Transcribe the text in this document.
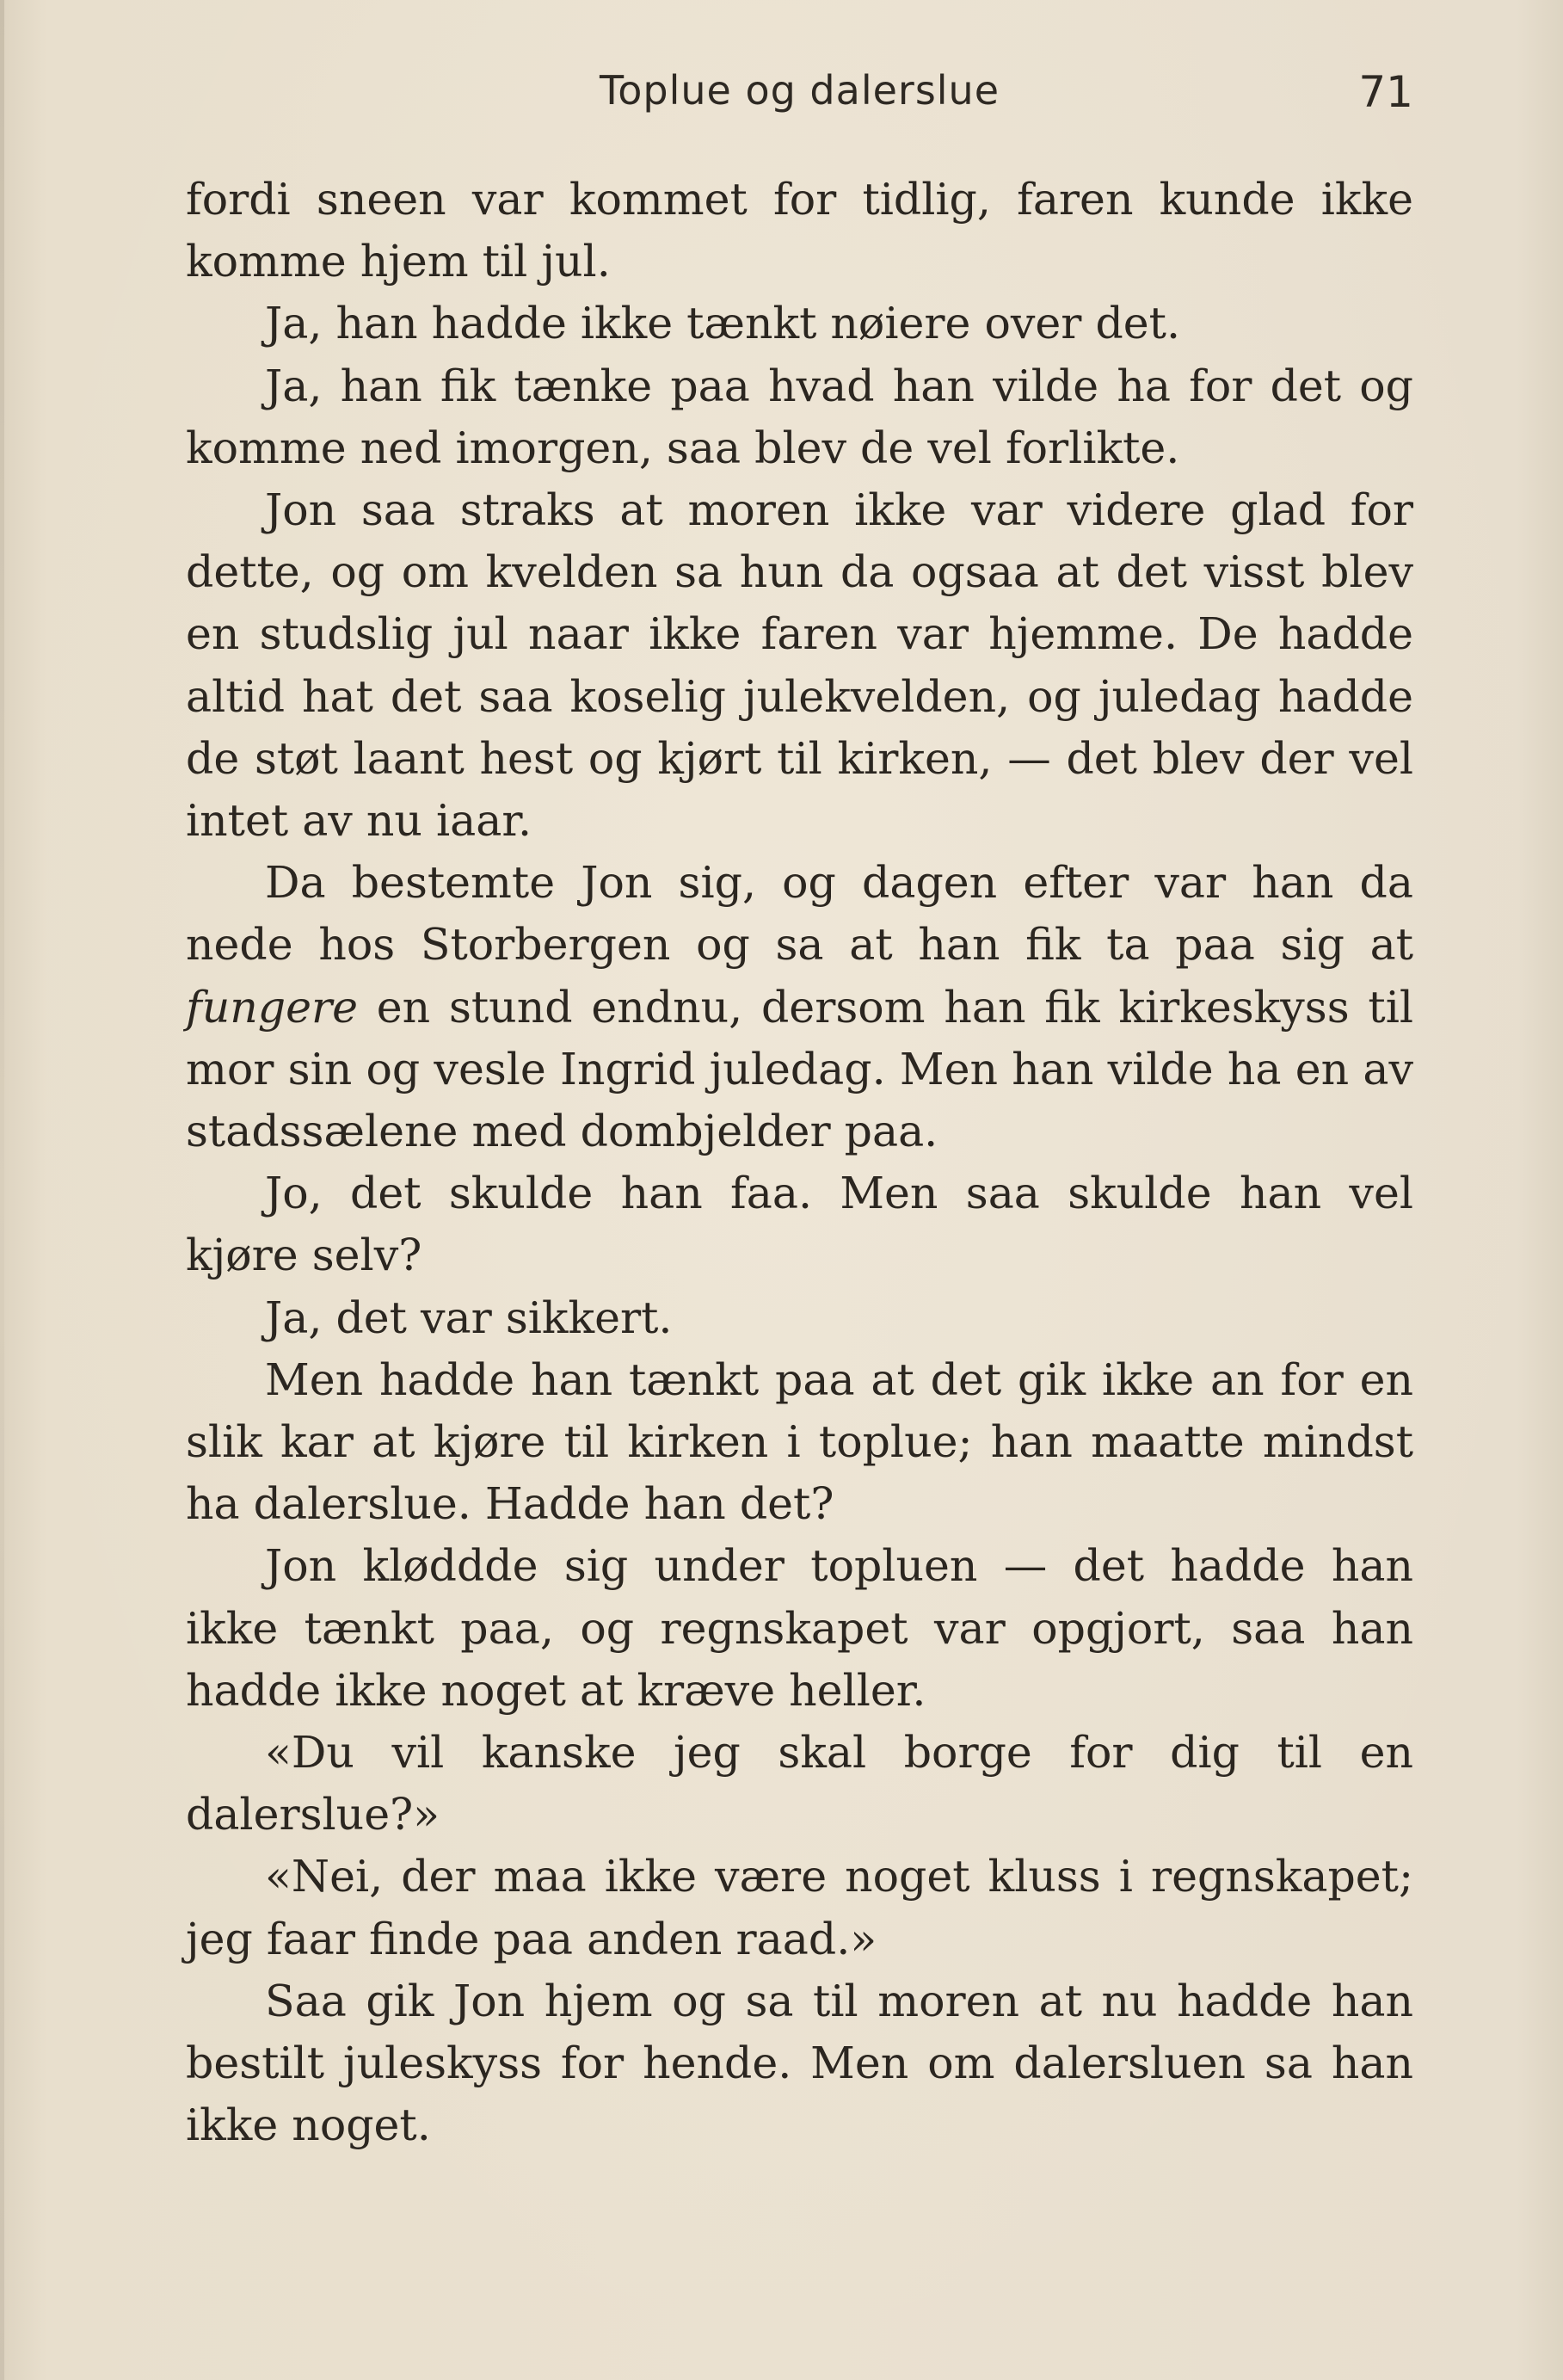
Toplue og dalerslue	71

fordi sneen var kommet for tidlig, faren kunde ikke komme hjem til jul.

Ja, han hadde ikke tænkt nøiere over det.

Ja, han fik tænke paa hvad han vilde ha for det og komme ned imorgen, saa blev de vel forlikte.

Jon saa straks at moren ikke var videre glad for dette, og om kvelden sa hun da ogsaa at det visst blev en studslig jul naar ikke faren var hjemme. De hadde altid hat det saa koselig julekvelden, og juledag hadde de støt laant hest og kjørt til kirken, — det blev der vel intet av nu iaar.

Da bestemte Jon sig, og dagen efter var han da nede hos Storbergen og sa at han fik ta paa sig at fungere en stund endnu, dersom han fik kirkeskyss til mor sin og vesle Ingrid juledag. Men han vilde ha en av stadssælene med dombjelder paa.

Jo, det skulde han faa. Men saa skulde han vel kjøre selv?

Ja, det var sikkert.

Men hadde han tænkt paa at det gik ikke an for en slik kar at kjøre til kirken i toplue; han maatte mindst ha dalerslue. Hadde han det?

Jon kløddde sig under topluen — det hadde han ikke tænkt paa, og regnskapet var opgjort, saa han hadde ikke noget at kræve heller.

«Du vil kanske jeg skal borge for dig til en dalerslue?»

«Nei, der maa ikke være noget kluss i regnskapet; jeg faar finde paa anden raad.»

Saa gik Jon hjem og sa til moren at nu hadde han bestilt juleskyss for hende. Men om dalersluen sa han ikke noget.
